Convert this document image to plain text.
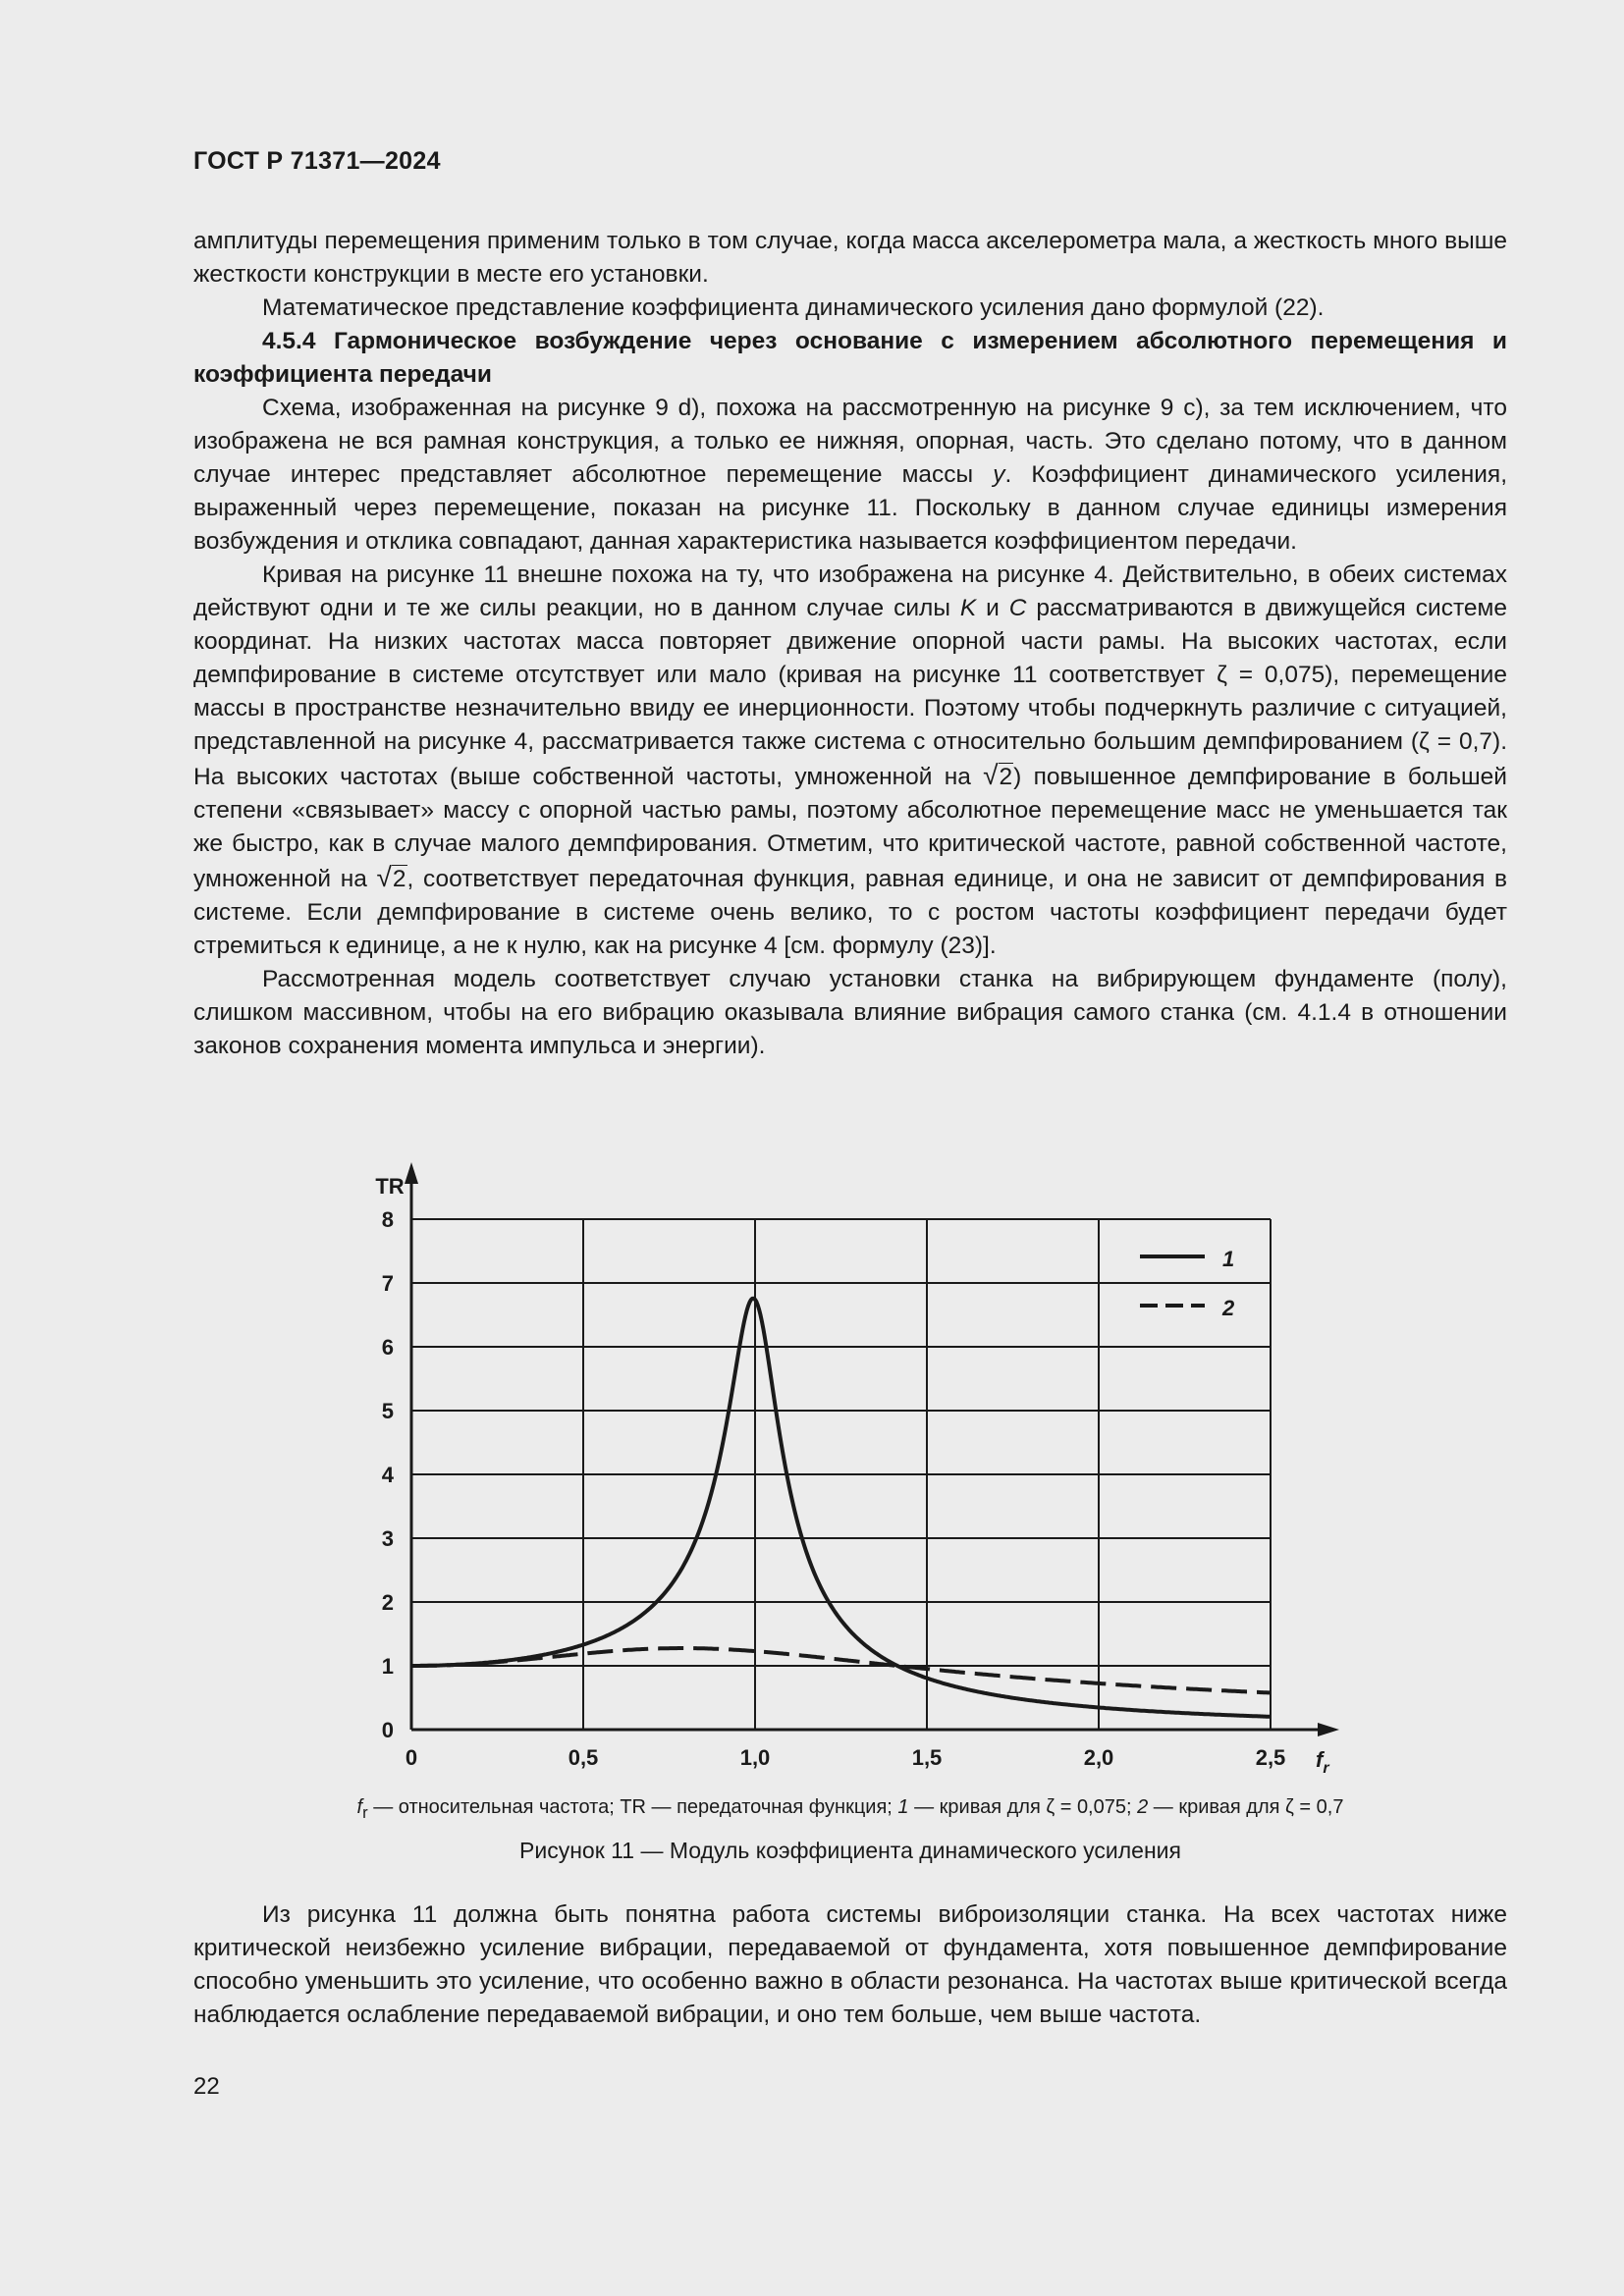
ГОСТ Р 71371—2024

амплитуды перемещения применим только в том случае, когда масса акселерометра мала, а жесткость много выше жесткости конструкции в месте его установки.

Математическое представление коэффициента динамического усиления дано формулой (22).

4.5.4 Гармоническое возбуждение через основание с измерением абсолютного перемещения и коэффициента передачи

Схема, изображенная на рисунке 9 d), похожа на рассмотренную на рисунке 9 c), за тем исключением, что изображена не вся рамная конструкция, а только ее нижняя, опорная, часть. Это сделано потому, что в данном случае интерес представляет абсолютное перемещение массы y. Коэффициент динамического усиления, выраженный через перемещение, показан на рисунке 11. Поскольку в данном случае единицы измерения возбуждения и отклика совпадают, данная характеристика называется коэффициентом передачи.

Кривая на рисунке 11 внешне похожа на ту, что изображена на рисунке 4. Действительно, в обеих системах действуют одни и те же силы реакции, но в данном случае силы K и C рассматриваются в движущейся системе координат. На низких частотах масса повторяет движение опорной части рамы. На высоких частотах, если демпфирование в системе отсутствует или мало (кривая на рисунке 11 соответствует ζ = 0,075), перемещение массы в пространстве незначительно ввиду ее инерционности. Поэтому чтобы подчеркнуть различие с ситуацией, представленной на рисунке 4, рассматривается также система с относительно большим демпфированием (ζ = 0,7). На высоких частотах (выше собственной частоты, умноженной на √2) повышенное демпфирование в большей степени «связывает» массу с опорной частью рамы, поэтому абсолютное перемещение масс не уменьшается так же быстро, как в случае малого демпфирования. Отметим, что критической частоте, равной собственной частоте, умноженной на √2, соответствует передаточная функция, равная единице, и она не зависит от демпфирования в системе. Если демпфирование в системе очень велико, то с ростом частоты коэффициент передачи будет стремиться к единице, а не к нулю, как на рисунке 4 [см. формулу (23)].

Рассмотренная модель соответствует случаю установки станка на вибрирующем фундаменте (полу), слишком массивном, чтобы на его вибрацию оказывала влияние вибрация самого станка (см. 4.1.4 в отношении законов сохранения момента импульса и энергии).

0	0,5	1,0	1,5	2,0	2,5
0
1
2
3
4
5
6
7
8
1
2
TR
$f_r$
$f_r$ — относительная частота; TR — передаточная функция; 1 — кривая для ζ = 0,075; 2 — кривая для ζ = 0,7
Рисунок 11 — Модуль коэффициента динамического усиления

Из рисунка 11 должна быть понятна работа системы виброизоляции станка. На всех частотах ниже критической неизбежно усиление вибрации, передаваемой от фундамента, хотя повышенное демпфирование способно уменьшить это усиление, что особенно важно в области резонанса. На частотах выше критической всегда наблюдается ослабление передаваемой вибрации, и оно тем больше, чем выше частота.

22
